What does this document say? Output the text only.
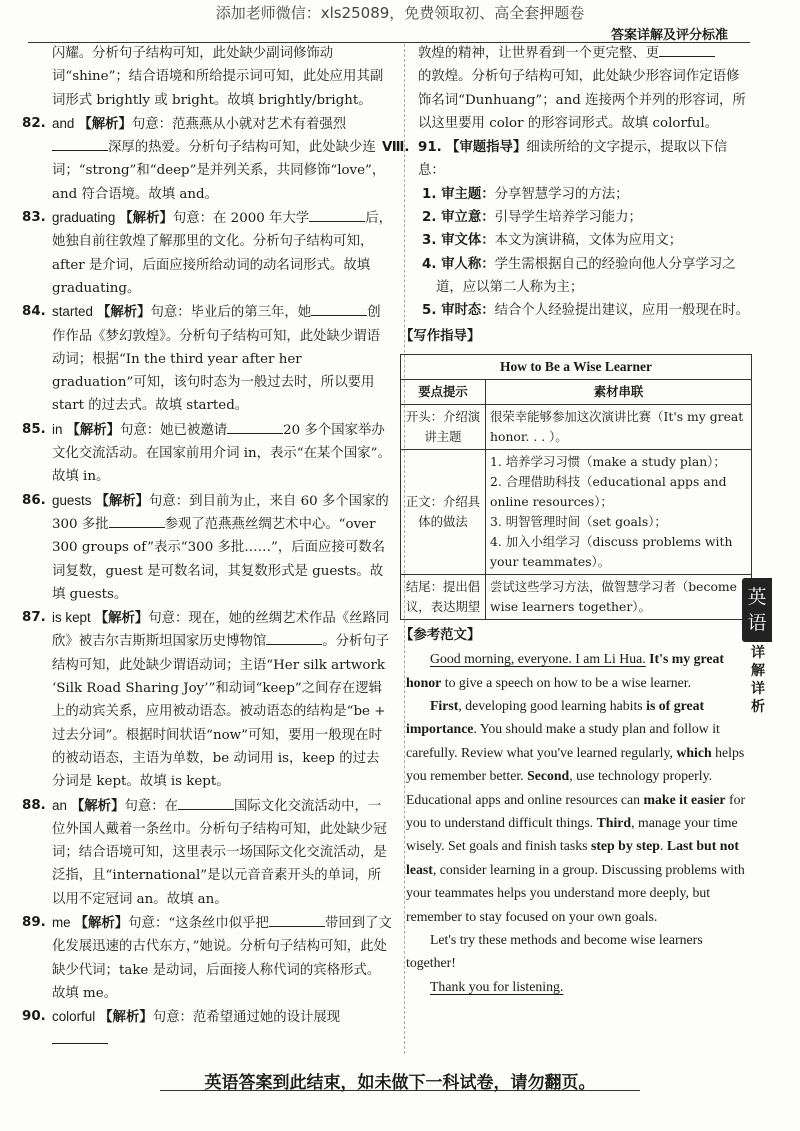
添加老师微信：xls25089，免费领取初、高全套押题卷
答案详解及评分标准

闪耀。分析句子结构可知，此处缺少副词修饰动词“shine”；结合语境和所给提示词可知，此处应用其副词形式 brightly 或 bright。故填 brightly/bright。

82. and 【解析】句意：范燕燕从小就对艺术有着强烈深厚的热爱。分析句子结构可知，此处缺少连词；“strong”和“deep”是并列关系，共同修饰“love”，and 符合语境。故填 and。

83. graduating 【解析】句意：在 2000 年大学	后，她独自前往敦煌了解那里的文化。分析句子结构可知，after 是介词，后面应接所给动词的动名词形式。故填 graduating。

84. started 【解析】句意：毕业后的第三年，她	创作作品《梦幻敦煌》。分析句子结构可知，此处缺少谓语动词；根据“In the third year after her graduation”可知，该句时态为一般过去时，所以要用 start 的过去式。故填 started。

85. in 【解析】句意：她已被邀请	20 多个国家举办文化交流活动。在国家前用介词 in，表示“在某个国家”。故填 in。

86. guests 【解析】句意：到目前为止，来自 60 多个国家的 300 多批	参观了范燕燕丝绸艺术中心。“over 300 groups of”表示“300 多批……”，后面应接可数名词复数，guest 是可数名词，其复数形式是 guests。故填 guests。

87. is kept 【解析】句意：现在，她的丝绸艺术作品《丝路同欣》被吉尔吉斯斯坦国家历史博物馆	。分析句子结构可知，此处缺少谓语动词；主语“Her silk artwork ‘Silk Road Sharing Joy’”和动词“keep”之间存在逻辑上的动宾关系，应用被动语态。被动语态的结构是“be + 过去分词”。根据时间状语“now”可知，要用一般现在时的被动语态，主语为单数，be 动词用 is，keep 的过去分词是 kept。故填 is kept。

88. an 【解析】句意：在	国际文化交流活动中，一位外国人戴着一条丝巾。分析句子结构可知，此处缺少冠词；结合语境可知，这里表示一场国际文化交流活动，是泛指，且“international”是以元音音素开头的单词，所以用不定冠词 an。故填 an。

89. me 【解析】句意：“这条丝巾似乎把	带回到了文化发展迅速的古代东方，”她说。分析句子结构可知，此处缺少代词；take 是动词，后面接人称代词的宾格形式。故填 me。

90. colorful 【解析】句意：范希望通过她的设计展现

敦煌的精神，让世界看到一个更完整、更
的敦煌。分析句子结构可知，此处缺少形容词作定语修饰名词“Dunhuang”；and 连接两个并列的形容词，所以这里要用 color 的形容词形式。故填 colorful。

Ⅷ. 91. 【审题指导】细读所给的文字提示，提取以下信息：
1. 审主题：分享智慧学习的方法；
2. 审立意：引导学生培养学习能力；
3. 审文体：本文为演讲稿，文体为应用文；
4. 审人称：学生需根据自己的经验向他人分享学习之道，应以第二人称为主；
5. 审时态：结合个人经验提出建议，应用一般现在时。
【写作指导】
How to Be a Wise Learner	
要点提示	素材串联
开头：介绍演讲主题	很荣幸能够参加这次演讲比赛（It's my great honor. . . ）。

正文：介绍具体的做法	1. 培养学习习惯（make a study plan）；
2. 合理借助科技（educational apps and online resources）；
3. 明智管理时间（set goals）；
4. 加入小组学习（discuss problems with your teammates）。

结尾：提出倡议，表达期望	尝试这些学习方法，做智慧学习者（become wise learners together）。
【参考范文】

Good morning, everyone. I am Li Hua. It's my great honor to give a speech on how to be a wise learner.

First, developing good learning habits is of great importance. You should make a study plan and follow it carefully. Review what you've learned regularly, which helps you remember better. Second, use technology properly. Educational apps and online resources can make it easier for you to understand difficult things. Third, manage your time wisely. Set goals and finish tasks step by step. Last but not least, consider learning in a group. Discussing problems with your teammates helps you understand more deeply, but remember to stay focused on your own goals.

Let's try these methods and become wise learners together!

Thank you for listening.

英语
详解详析
英语答案到此结束，如未做下一科试卷，请勿翻页。
